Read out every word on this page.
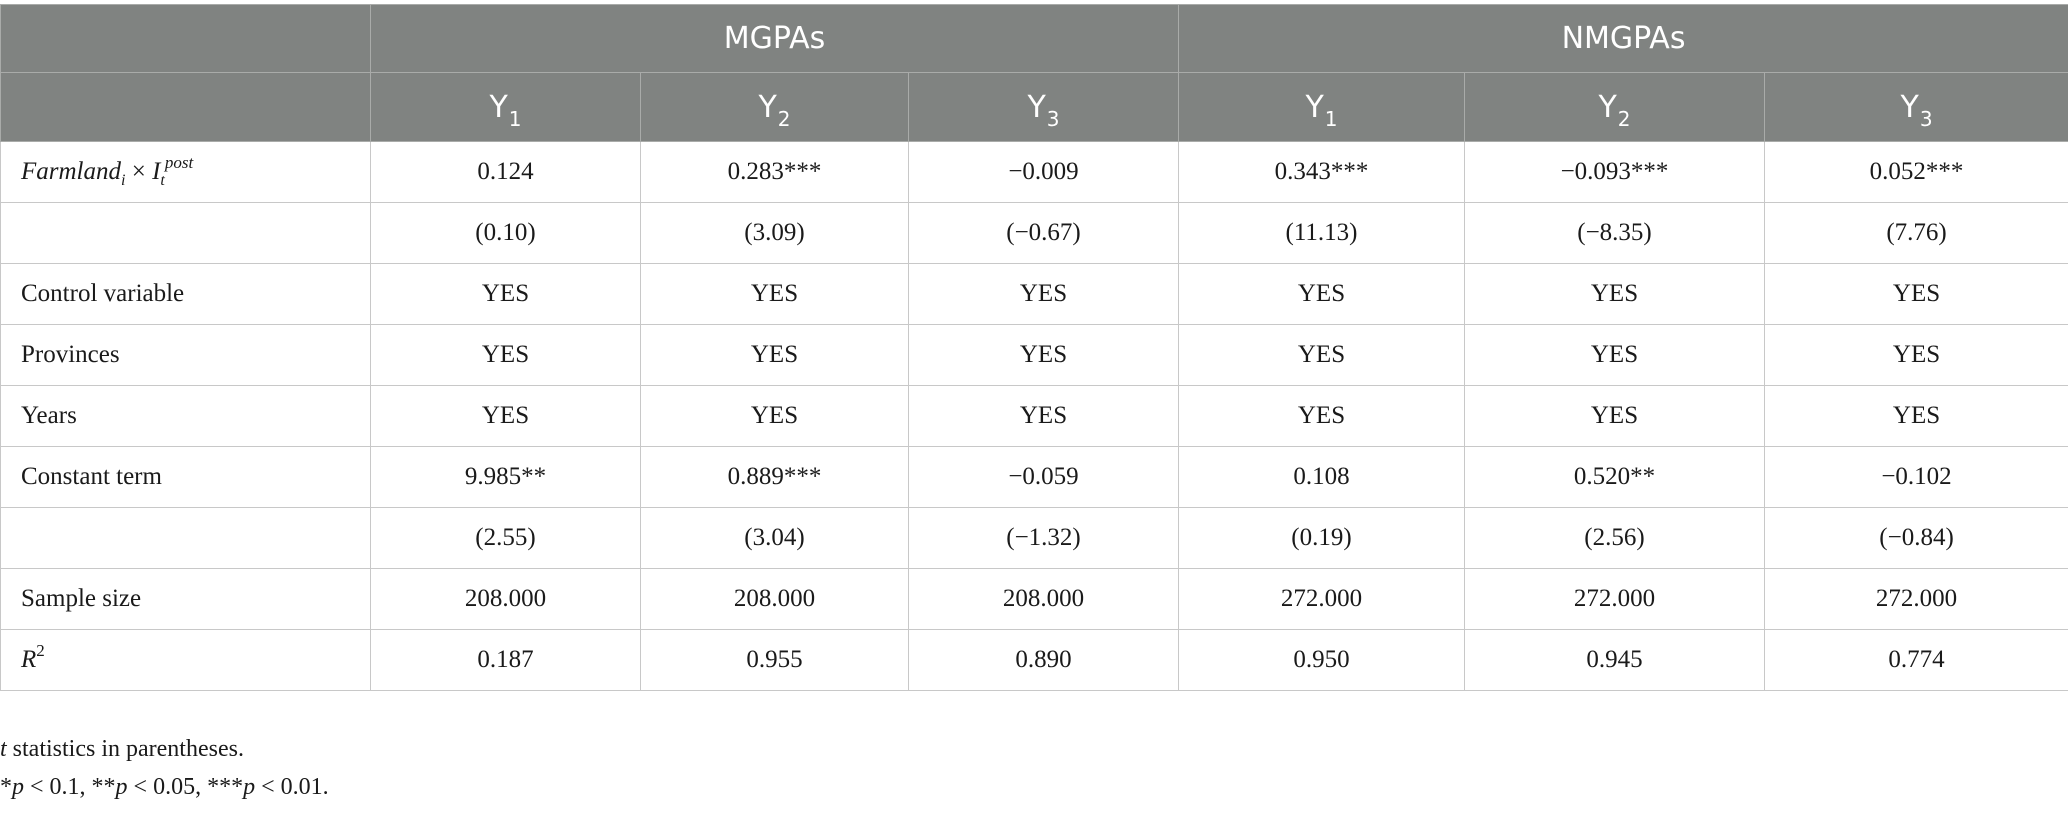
	MGPAs			NMGPAs		
	$Y_1$	$Y_2$	$Y_3$	$Y_1$	$Y_2$	$Y_3$
Farmland$_i$ × $I_t^{post}$	0.124	0.283***	−0.009	0.343***	−0.093***	0.052***
	(0.10)	(3.09)	(−0.67)	(11.13)	(−8.35)	(7.76)
Control variable	YES	YES	YES	YES	YES	YES
Provinces	YES	YES	YES	YES	YES	YES
Years	YES	YES	YES	YES	YES	YES
Constant term	9.985**	0.889***	−0.059	0.108	0.520**	−0.102
	(2.55)	(3.04)	(−1.32)	(0.19)	(2.56)	(−0.84)
Sample size	208.000	208.000	208.000	272.000	272.000	272.000
$R^2$	0.187	0.955	0.890	0.950	0.945	0.774
t statistics in parentheses.
*p < 0.1, **p < 0.05, ***p < 0.01.
